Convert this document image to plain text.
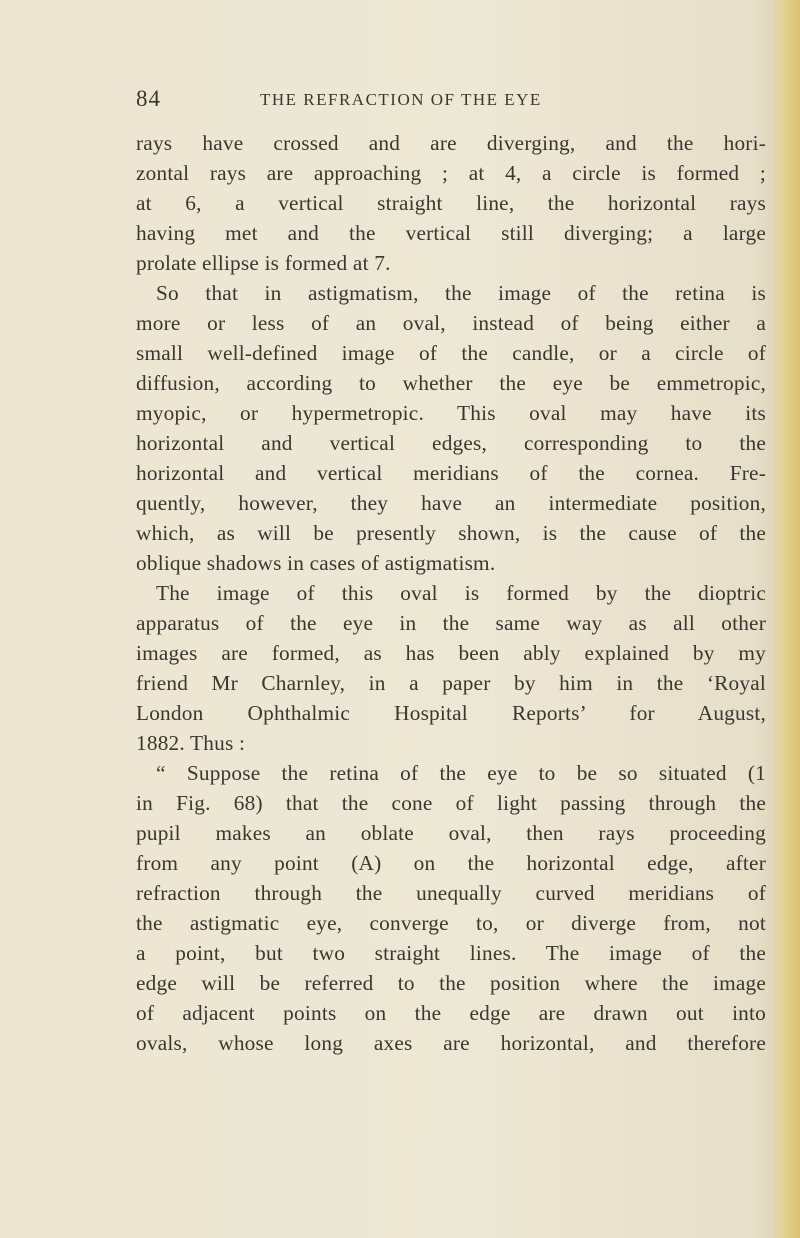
84	THE REFRACTION OF THE EYE
rays have crossed and are diverging, and the hori-
zontal rays are approaching ; at 4, a circle is formed ;
at 6, a vertical straight line, the horizontal rays
having met and the vertical still diverging; a large
prolate ellipse is formed at 7.
So that in astigmatism, the image of the retina is
more or less of an oval, instead of being either a
small well-defined image of the candle, or a circle of
diffusion, according to whether the eye be emmetropic,
myopic, or hypermetropic. This oval may have its
horizontal and vertical edges, corresponding to the
horizontal and vertical meridians of the cornea. Fre-
quently, however, they have an intermediate position,
which, as will be presently shown, is the cause of the
oblique shadows in cases of astigmatism.
The image of this oval is formed by the dioptric
apparatus of the eye in the same way as all other
images are formed, as has been ably explained by my
friend Mr Charnley, in a paper by him in the ‘Royal
London Ophthalmic Hospital Reports’ for August,
1882. Thus :
“ Suppose the retina of the eye to be so situated (1
in Fig. 68) that the cone of light passing through the
pupil makes an oblate oval, then rays proceeding
from any point (A) on the horizontal edge, after
refraction through the unequally curved meridians of
the astigmatic eye, converge to, or diverge from, not
a point, but two straight lines. The image of the
edge will be referred to the position where the image
of adjacent points on the edge are drawn out into
ovals, whose long axes are horizontal, and therefore
